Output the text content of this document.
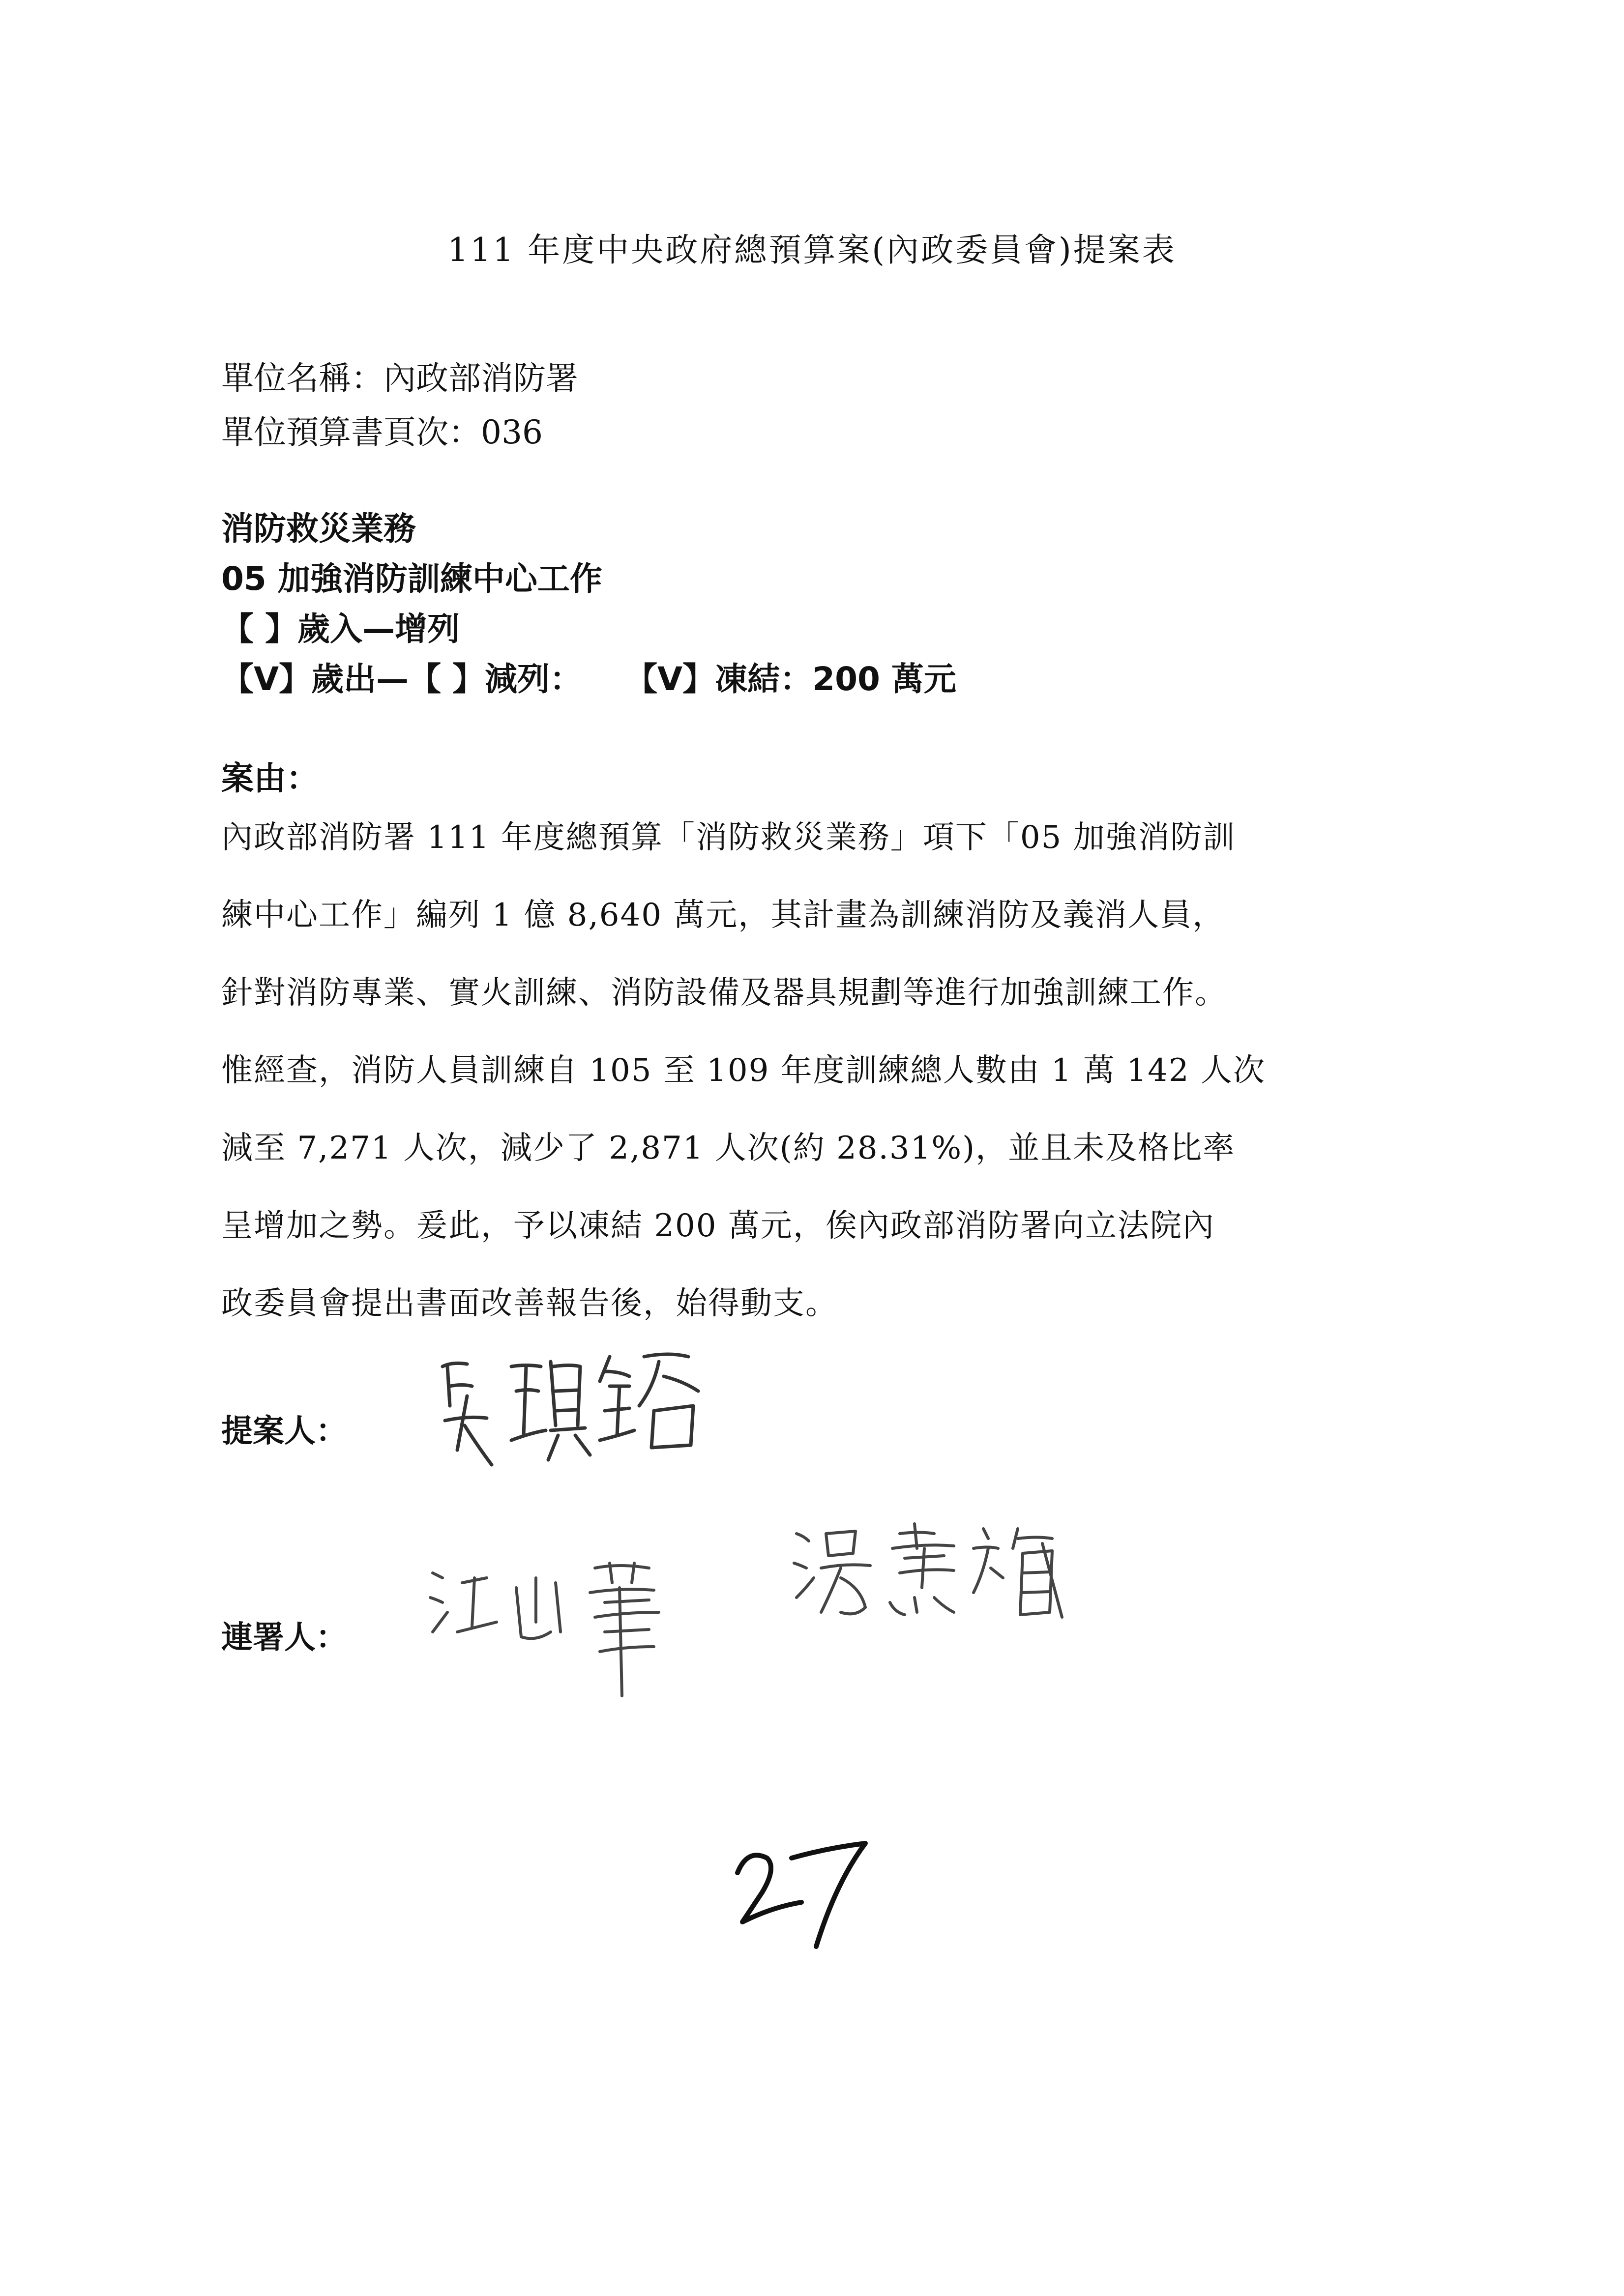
111 年度中央政府總預算案(內政委員會)提案表
單位名稱：內政部消防署
單位預算書頁次：036
消防救災業務
05 加強消防訓練中心工作
【 】歲入—增列
【V】歲出—【 】減列： 【V】凍結：200 萬元
案由：

內政部消防署 111 年度總預算「消防救災業務」項下「05 加強消防訓

練中心工作」編列 1 億 8,640 萬元，其計畫為訓練消防及義消人員，

針對消防專業、實火訓練、消防設備及器具規劃等進行加強訓練工作。

惟經查，消防人員訓練自 105 至 109 年度訓練總人數由 1 萬 142 人次

減至 7,271 人次，減少了 2,871 人次(約 28.31%)，並且未及格比率

呈增加之勢。爰此，予以凍結 200 萬元，俟內政部消防署向立法院內

政委員會提出書面改善報告後，始得動支。

提案人：
連署人：
